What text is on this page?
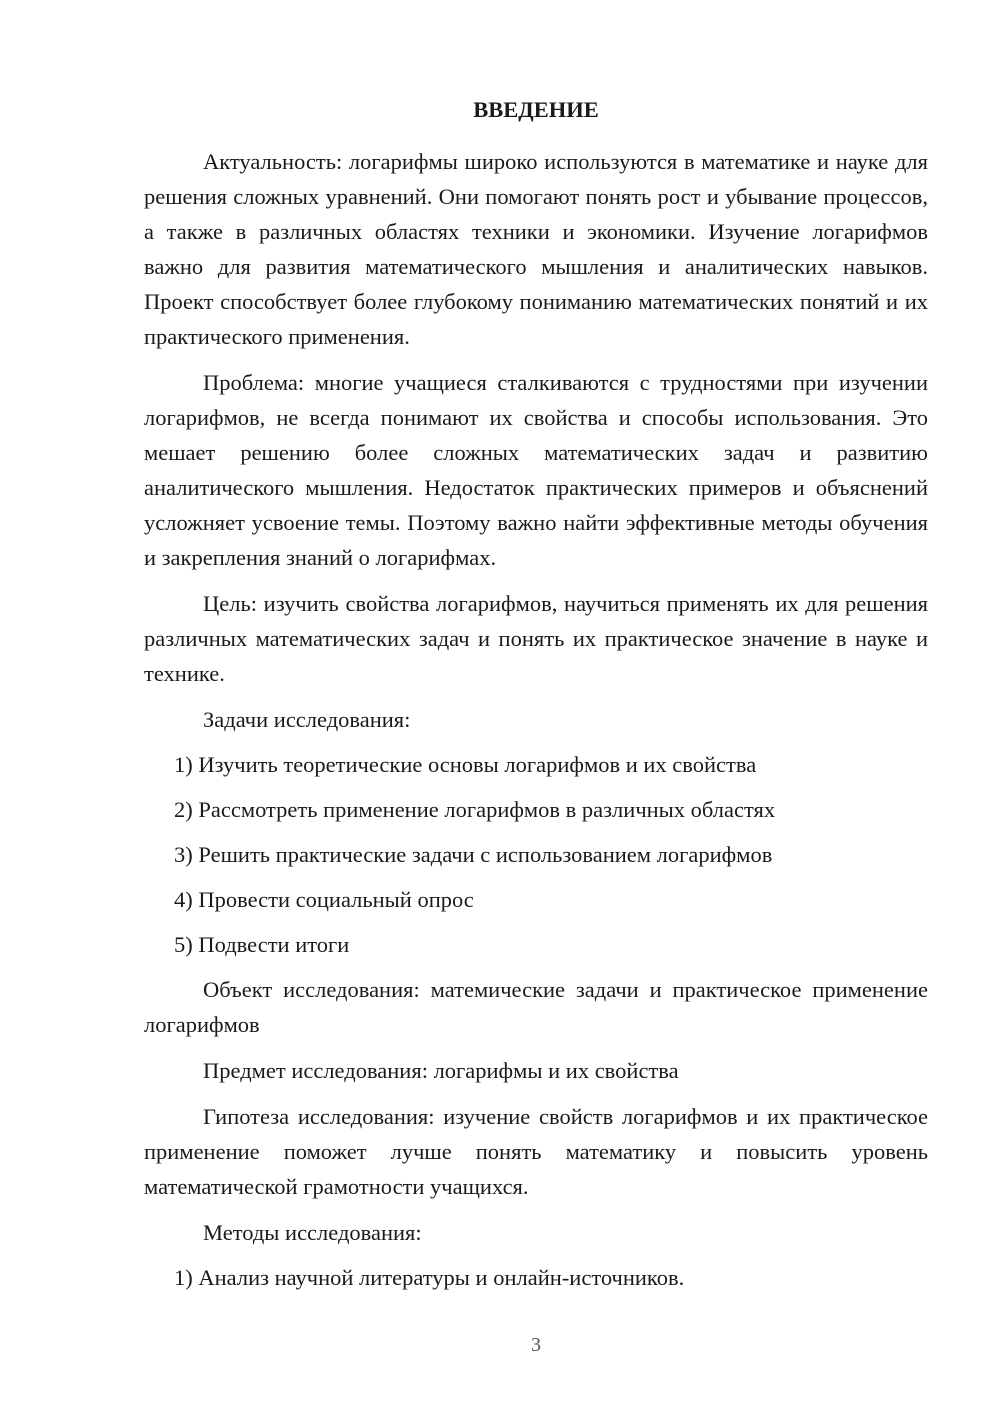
ВВЕДЕНИЕ
Актуальность: логарифмы широко используются в математике и науке для решения сложных уравнений. Они помогают понять рост и убывание процессов, а также в различных областях техники и экономики. Изучение логарифмов важно для развития математического мышления и аналитических навыков. Проект способствует более глубокому пониманию математических понятий и их практического применения.
Проблема: многие учащиеся сталкиваются с трудностями при изучении логарифмов, не всегда понимают их свойства и способы использования. Это мешает решению более сложных математических задач и развитию аналитического мышления. Недостаток практических примеров и объяснений усложняет усвоение темы. Поэтому важно найти эффективные методы обучения и закрепления знаний о логарифмах.
Цель: изучить свойства логарифмов, научиться применять их для решения различных математических задач и понять их практическое значение в науке и технике.
Задачи исследования:
1) Изучить теоретические основы логарифмов и их свойства
2) Рассмотреть применение логарифмов в различных областях
3) Решить практические задачи с использованием логарифмов
4) Провести социальный опрос
5) Подвести итоги
Объект исследования: матемические задачи и практическое применение логарифмов
Предмет исследования: логарифмы и их свойства
Гипотеза исследования: изучение свойств логарифмов и их практическое применение поможет лучше понять математику и повысить уровень математической грамотности учащихся.
Методы исследования:
1) Анализ научной литературы и онлайн-источников.
3
